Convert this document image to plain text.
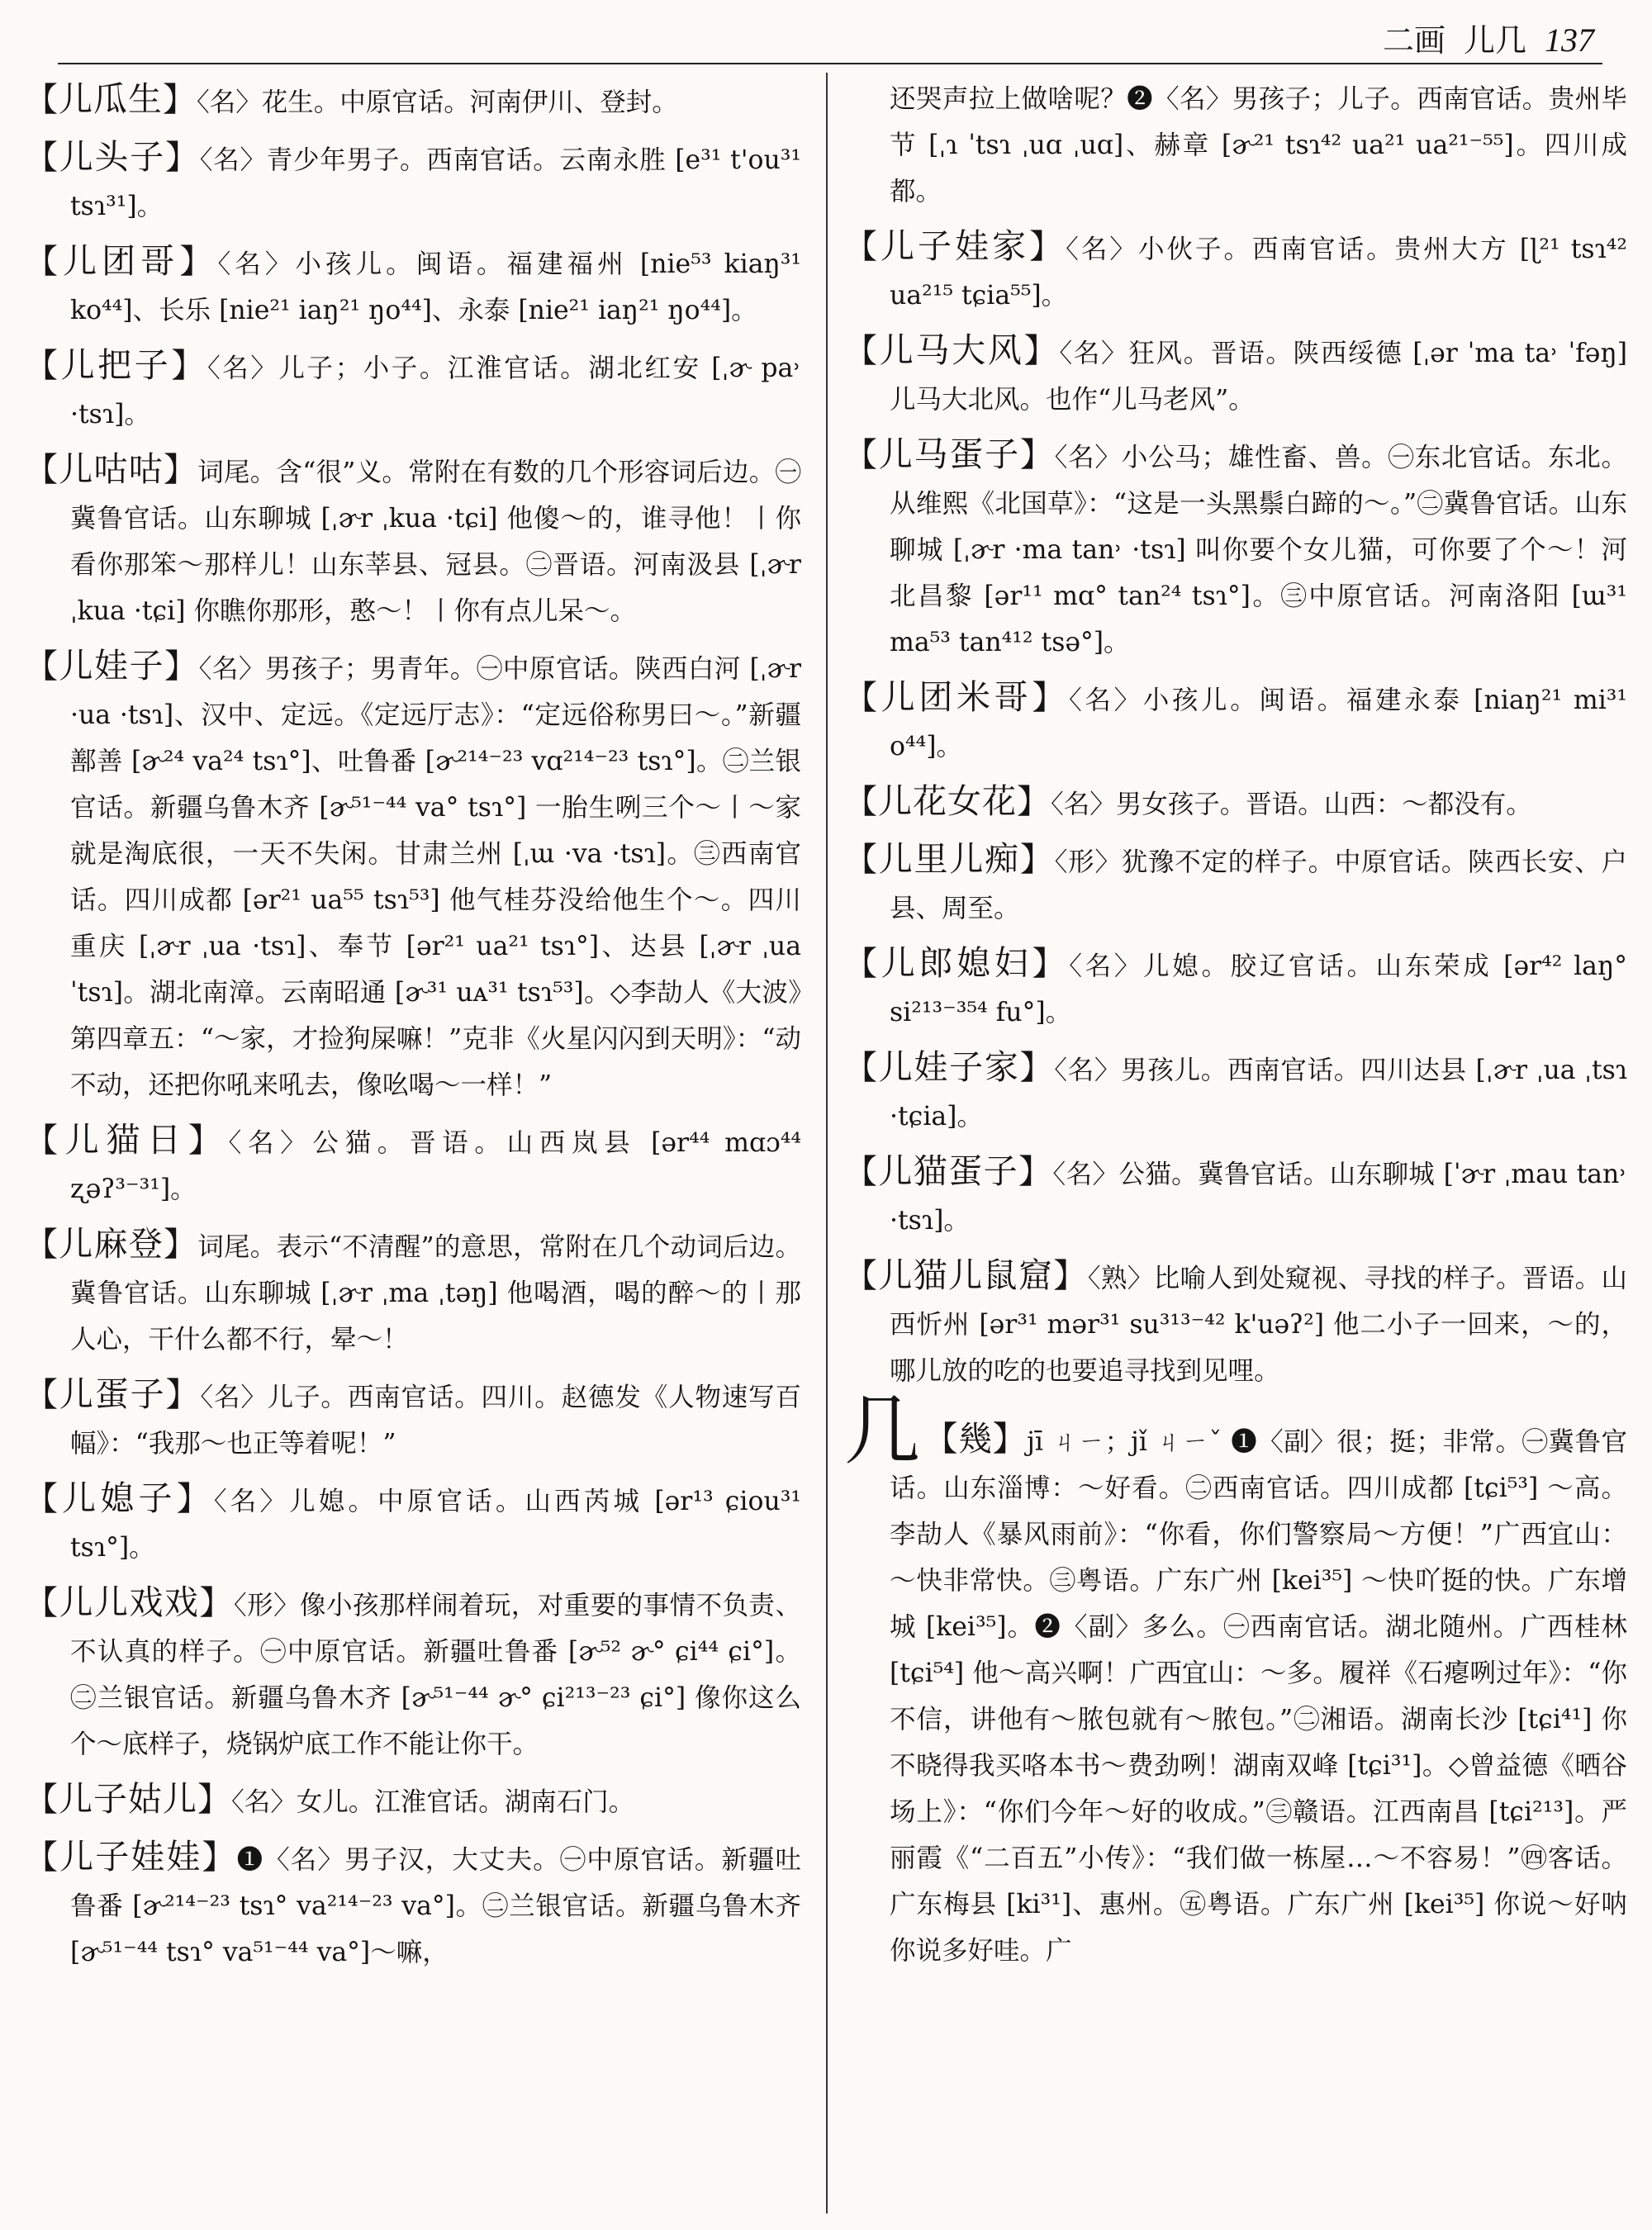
二画 儿几 137

【儿瓜生】〈名〉花生。中原官话。河南伊川、登封。

【儿头子】〈名〉青少年男子。西南官话。云南永胜 [e³¹ t'ou³¹ tsɿ³¹]。

【儿团哥】〈名〉小孩儿。闽语。福建福州 [nie⁵³ kiaŋ³¹ ko⁴⁴]、长乐 [nie²¹ iaŋ²¹ ŋo⁴⁴]、永泰 [nie²¹ iaŋ²¹ ŋo⁴⁴]。

【儿把子】〈名〉儿子；小子。江淮官话。湖北红安 [ˌɚ pa˒ ·tsɿ]。

【儿咕咕】词尾。含“很”义。常附在有数的几个形容词后边。㊀冀鲁官话。山东聊城 [ˌɚr ˌkua ·tɕi] 他傻～的，谁寻他！丨你看你那笨～那样儿！山东莘县、冠县。㊁晋语。河南汲县 [ˌɚr ˌkua ·tɕi] 你瞧你那形，憨～！丨你有点儿呆～。

【儿娃子】〈名〉男孩子；男青年。㊀中原官话。陕西白河 [ˌɚr ·ua ·tsɿ]、汉中、定远。《定远厅志》：“定远俗称男曰～。”新疆鄯善 [ɚ²⁴ va²⁴ tsɿ°]、吐鲁番 [ɚ²¹⁴⁻²³ vɑ²¹⁴⁻²³ tsɿ°]。㊁兰银官话。新疆乌鲁木齐 [ɚ⁵¹⁻⁴⁴ va° tsɿ°] 一胎生咧三个～丨～家就是淘底很，一天不失闲。甘肃兰州 [ˌɯ ·va ·tsɿ]。㊂西南官话。四川成都 [ər²¹ ua⁵⁵ tsɿ⁵³] 他气桂芬没给他生个～。四川重庆 [ˌɚr ˌua ·tsɿ]、奉节 [ər²¹ ua²¹ tsɿ°]、达县 [ˌɚr ˌua ˈtsɿ]。湖北南漳。云南昭通 [ɚ³¹ uᴀ³¹ tsɿ⁵³]。◇李劼人《大波》第四章五：“～家，才捡狗屎嘛！”克非《火星闪闪到天明》：“动不动，还把你吼来吼去，像吆喝～一样！”

【儿猫日】〈名〉公猫。晋语。山西岚县 [ər⁴⁴ mɑɔ⁴⁴ ʐəʔ³⁻³¹]。

【儿麻登】词尾。表示“不清醒”的意思，常附在几个动词后边。冀鲁官话。山东聊城 [ˌɚr ˌma ˌtəŋ] 他喝酒，喝的醉～的丨那人心，干什么都不行，晕～！

【儿蛋子】〈名〉儿子。西南官话。四川。赵德发《人物速写百幅》：“我那～也正等着呢！”

【儿媳子】〈名〉儿媳。中原官话。山西芮城 [ər¹³ ɕiou³¹ tsɿ°]。

【儿儿戏戏】〈形〉像小孩那样闹着玩，对重要的事情不负责、不认真的样子。㊀中原官话。新疆吐鲁番 [ɚ⁵² ɚ° ɕi⁴⁴ ɕi°]。㊁兰银官话。新疆乌鲁木齐 [ɚ⁵¹⁻⁴⁴ ɚ° ɕi²¹³⁻²³ ɕi°] 像你这么个～底样子，烧锅炉底工作不能让你干。

【儿子姑儿】〈名〉女儿。江淮官话。湖南石门。

【儿子娃娃】❶〈名〉男子汉，大丈夫。㊀中原官话。新疆吐鲁番 [ɚ²¹⁴⁻²³ tsɿ° va²¹⁴⁻²³ va°]。㊁兰银官话。新疆乌鲁木齐 [ɚ⁵¹⁻⁴⁴ tsɿ° va⁵¹⁻⁴⁴ va°]～嘛，

还哭声拉上做啥呢？❷〈名〉男孩子；儿子。西南官话。贵州毕节 [ˌɿ ˈtsɿ ˌuɑ ˌuɑ]、赫章 [ɚ²¹ tsɿ⁴² ua²¹ ua²¹⁻⁵⁵]。四川成都。

【儿子娃家】〈名〉小伙子。西南官话。贵州大方 [ɭ²¹ tsɿ⁴² ua²¹⁵ tɕia⁵⁵]。

【儿马大风】〈名〉狂风。晋语。陕西绥德 [ˌər ˈma ta˒ ˈfəŋ] 儿马大北风。也作“儿马老风”。

【儿马蛋子】〈名〉小公马；雄性畜、兽。㊀东北官话。东北。从维熙《北国草》：“这是一头黑鬃白蹄的～。”㊁冀鲁官话。山东聊城 [ˌɚr ·ma tan˒ ·tsɿ] 叫你要个女儿猫，可你要了个～！河北昌黎 [ər¹¹ mɑ° tan²⁴ tsɿ°]。㊂中原官话。河南洛阳 [ɯ³¹ ma⁵³ tan⁴¹² tsə°]。

【儿团米哥】〈名〉小孩儿。闽语。福建永泰 [niaŋ²¹ mi³¹ o⁴⁴]。

【儿花女花】〈名〉男女孩子。晋语。山西：～都没有。

【儿里儿痴】〈形〉犹豫不定的样子。中原官话。陕西长安、户县、周至。

【儿郎媳妇】〈名〉儿媳。胶辽官话。山东荣成 [ər⁴² laŋ° si²¹³⁻³⁵⁴ fu°]。

【儿娃子家】〈名〉男孩儿。西南官话。四川达县 [ˌɚr ˌua ˌtsɿ ·tɕia]。

【儿猫蛋子】〈名〉公猫。冀鲁官话。山东聊城 [ˈɚr ˌmau tan˒ ·tsɿ]。

【儿猫儿鼠窟】〈熟〉比喻人到处窥视、寻找的样子。晋语。山西忻州 [ər³¹ mər³¹ su³¹³⁻⁴² k'uəʔ²] 他二小子一回来，～的，哪儿放的吃的也要追寻找到见哩。

几【幾】jī ㄐㄧ；jǐ ㄐㄧˇ ❶〈副〉很；挺；非常。㊀冀鲁官话。山东淄博：～好看。㊁西南官话。四川成都 [tɕi⁵³] ～高。李劼人《暴风雨前》：“你看，你们警察局～方便！”广西宜山：～快非常快。㊂粤语。广东广州 [kei³⁵] ～快吖挺的快。广东增城 [kei³⁵]。❷〈副〉多么。㊀西南官话。湖北随州。广西桂林 [tɕi⁵⁴] 他～高兴啊！广西宜山：～多。履祥《石瘪咧过年》：“你不信，讲他有～脓包就有～脓包。”㊁湘语。湖南长沙 [tɕi⁴¹] 你不晓得我买咯本书～费劲咧！湖南双峰 [tɕi³¹]。◇曾益德《晒谷场上》：“你们今年～好的收成。”㊂赣语。江西南昌 [tɕi²¹³]。严丽霞《“二百五”小传》：“我们做一栋屋…～不容易！”㊃客话。广东梅县 [ki³¹]、惠州。㊄粤语。广东广州 [kei³⁵] 你说～好呐你说多好哇。广
